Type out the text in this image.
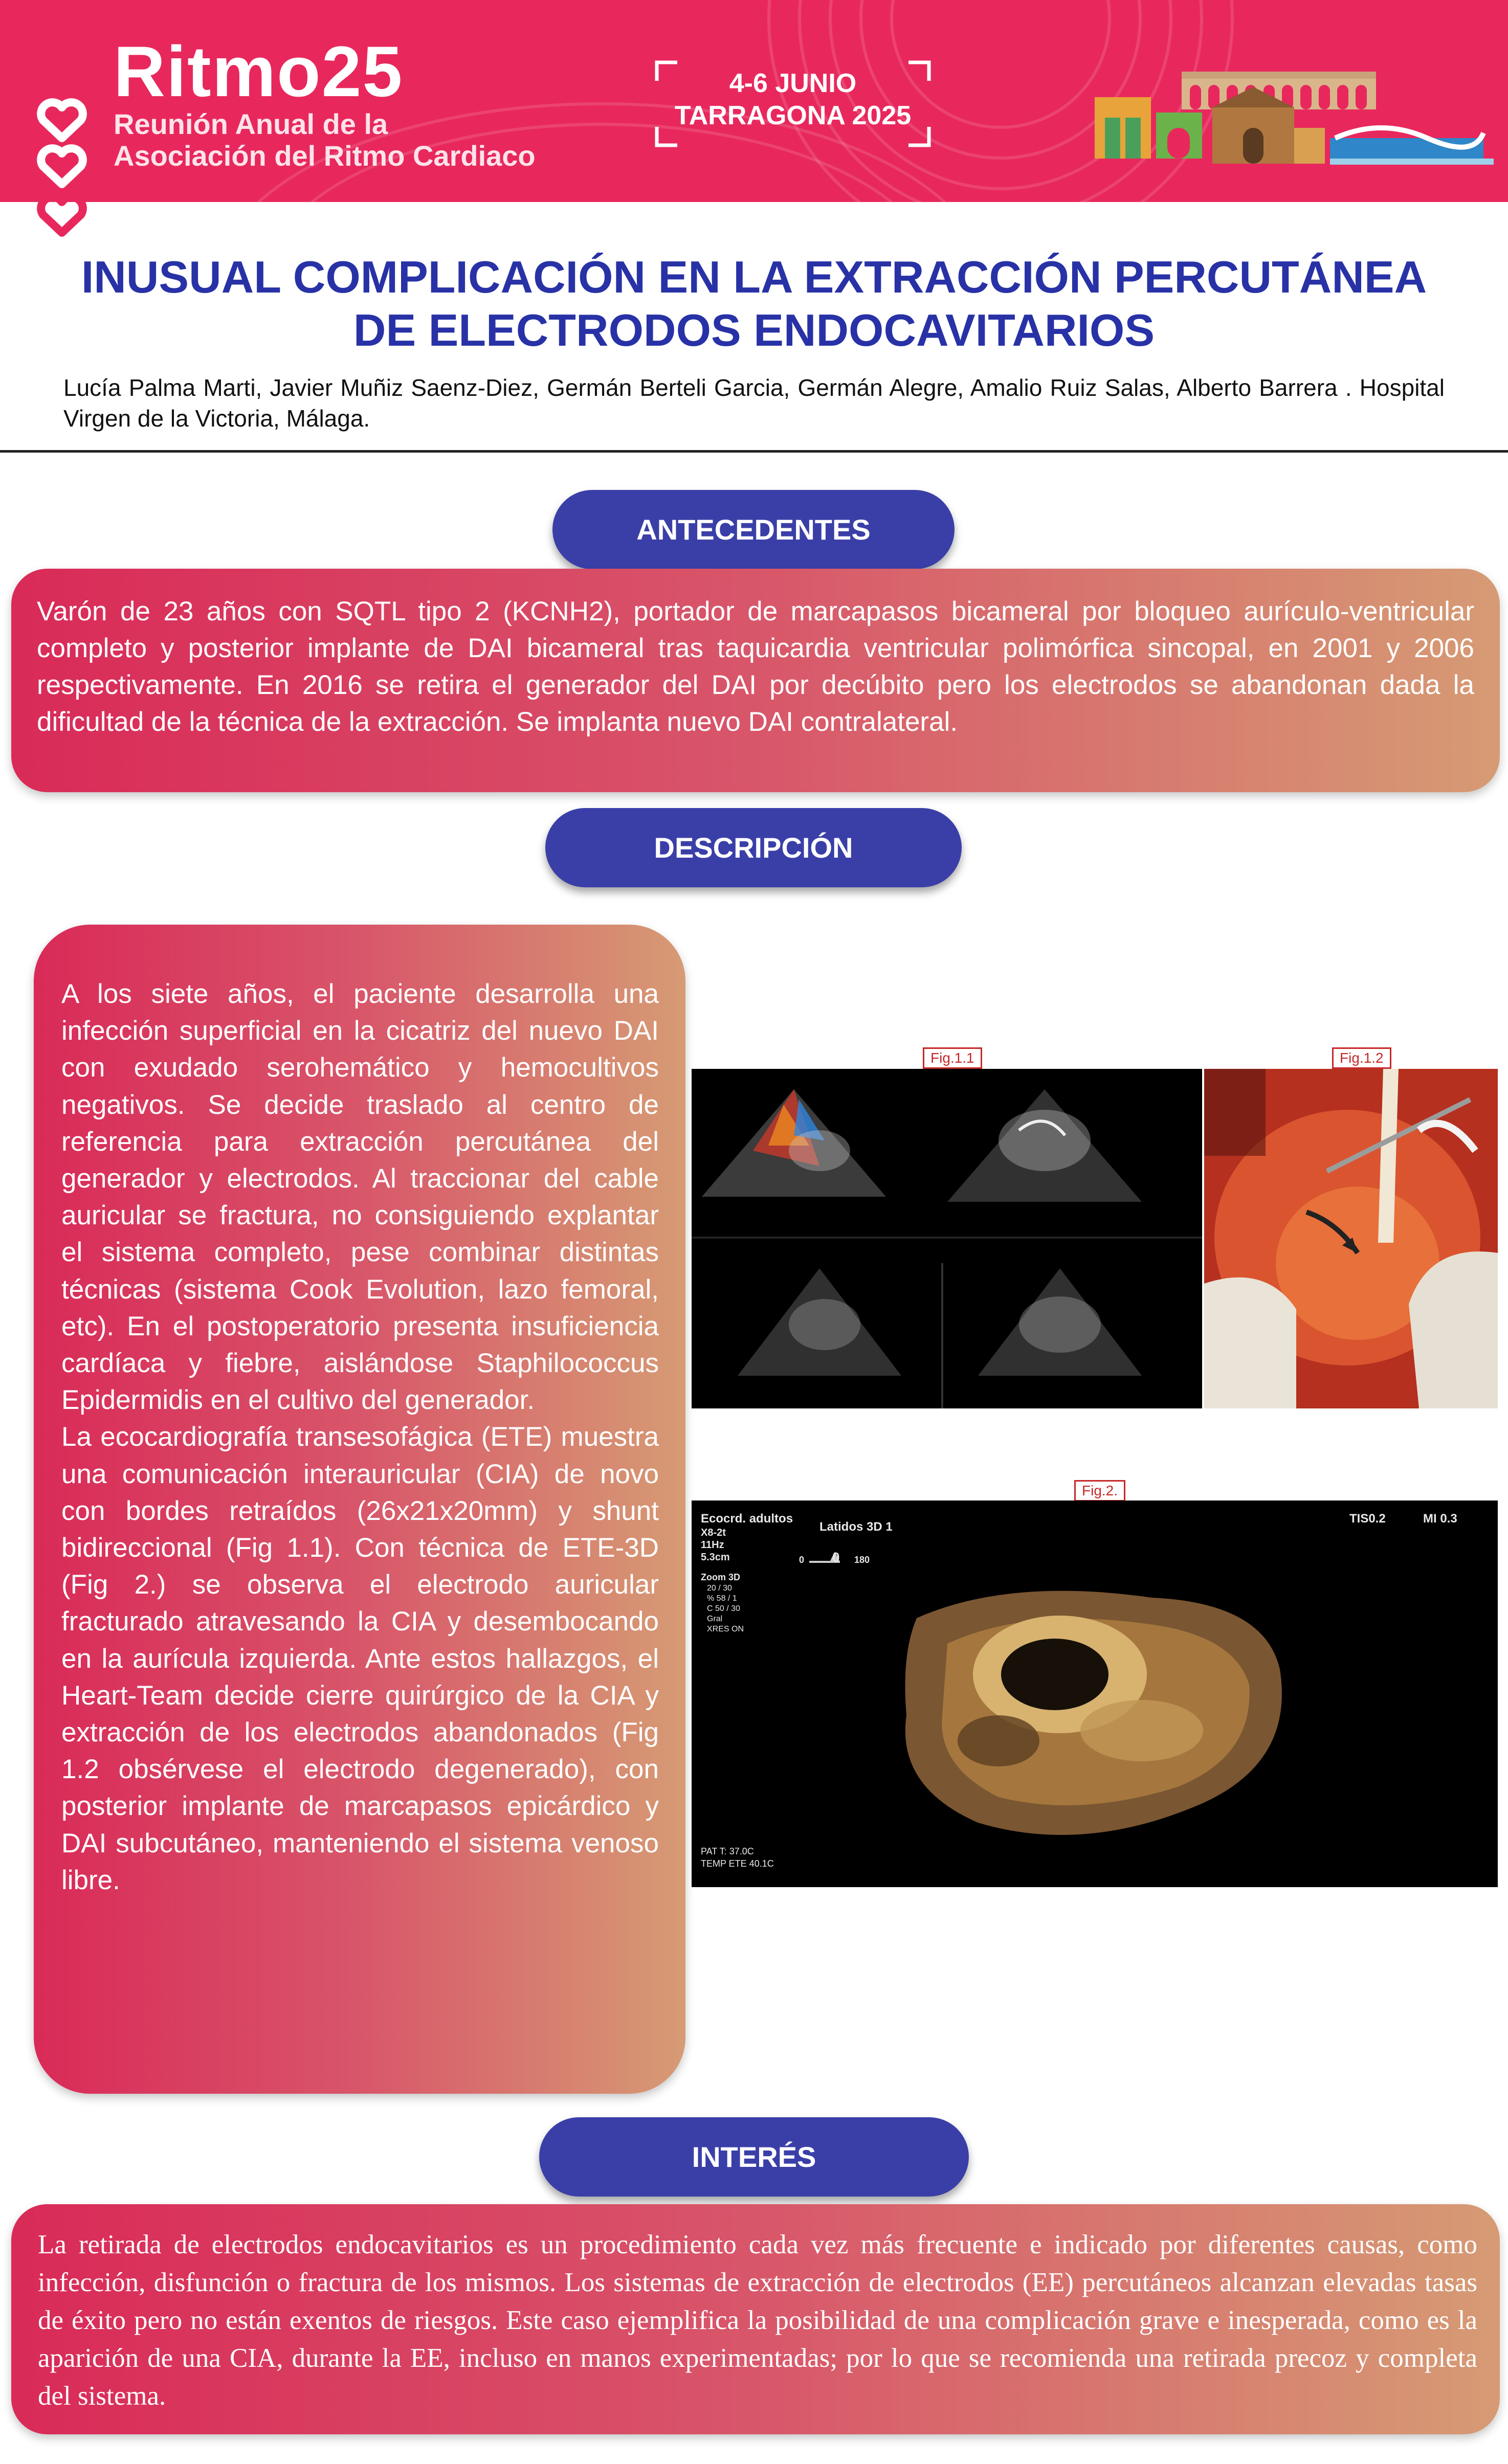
Ritmo25
Reunión Anual de la
Asociación del Ritmo Cardiaco
4-6 JUNIO
TARRAGONA 2025
INUSUAL COMPLICACIÓN EN LA EXTRACCIÓN PERCUTÁNEA
DE ELECTRODOS ENDOCAVITARIOS
Lucía Palma Marti, Javier Muñiz Saenz-Diez, Germán Berteli Garcia, Germán Alegre, Amalio Ruiz Salas, Alberto Barrera . Hospital Virgen de la Victoria, Málaga.
ANTECEDENTES

Varón de 23 años con SQTL tipo 2 (KCNH2), portador de marcapasos bicameral por bloqueo aurículo-ventricular completo y posterior implante de DAI bicameral tras taquicardia ventricular polimórfica sincopal, en 2001 y 2006 respectivamente. En 2016 se retira el generador del DAI por decúbito pero los electrodos se abandonan dada la dificultad de la técnica de la extracción. Se implanta nuevo DAI contralateral.

DESCRIPCIÓN

A los siete años, el paciente desarrolla una infección superficial en la cicatriz del nuevo DAI con exudado serohemático y hemocultivos negativos. Se decide traslado al centro de referencia para extracción percutánea del generador y electrodos. Al traccionar del cable auricular se fractura, no consiguiendo explantar el sistema completo, pese combinar distintas técnicas (sistema Cook Evolution, lazo femoral, etc). En el postoperatorio presenta insuficiencia cardíaca y fiebre, aislándose Staphilococcus Epidermidis en el cultivo del generador.

La ecocardiografía transesofágica (ETE) muestra una comunicación interauricular (CIA) de novo con bordes retraídos (26x21x20mm) y shunt bidireccional (Fig 1.1). Con técnica de ETE-3D (Fig 2.) se observa el electrodo auricular fracturado atravesando la CIA y desembocando en la aurícula izquierda. Ante estos hallazgos, el Heart-Team decide cierre quirúrgico de la CIA y extracción de los electrodos abandonados (Fig 1.2 obsérvese el electrodo degenerado), con posterior implante de marcapasos epicárdico y DAI subcutáneo, manteniendo el sistema venoso libre.

Fig.1.1	Fig.1.2
Fig.2.
Ecocrd. adultos
X8-2t
11Hz
5.3cm
Latidos 3D 1
0 0 180
TIS0.2	MI 0.3
Zoom 3D
20 / 30
% 58 / 1
C 50 / 30
Gral
XRES ON
PAT T: 37.0C
TEMP ETE 40.1C
INTERÉS

La retirada de electrodos endocavitarios es un procedimiento cada vez más frecuente e indicado por diferentes causas, como infección, disfunción o fractura de los mismos. Los sistemas de extracción de electrodos (EE) percutáneos alcanzan elevadas tasas de éxito pero no están exentos de riesgos. Este caso ejemplifica la posibilidad de una complicación grave e inesperada, como es la aparición de una CIA, durante la EE, incluso en manos experimentadas; por lo que se recomienda una retirada precoz y completa del sistema.
